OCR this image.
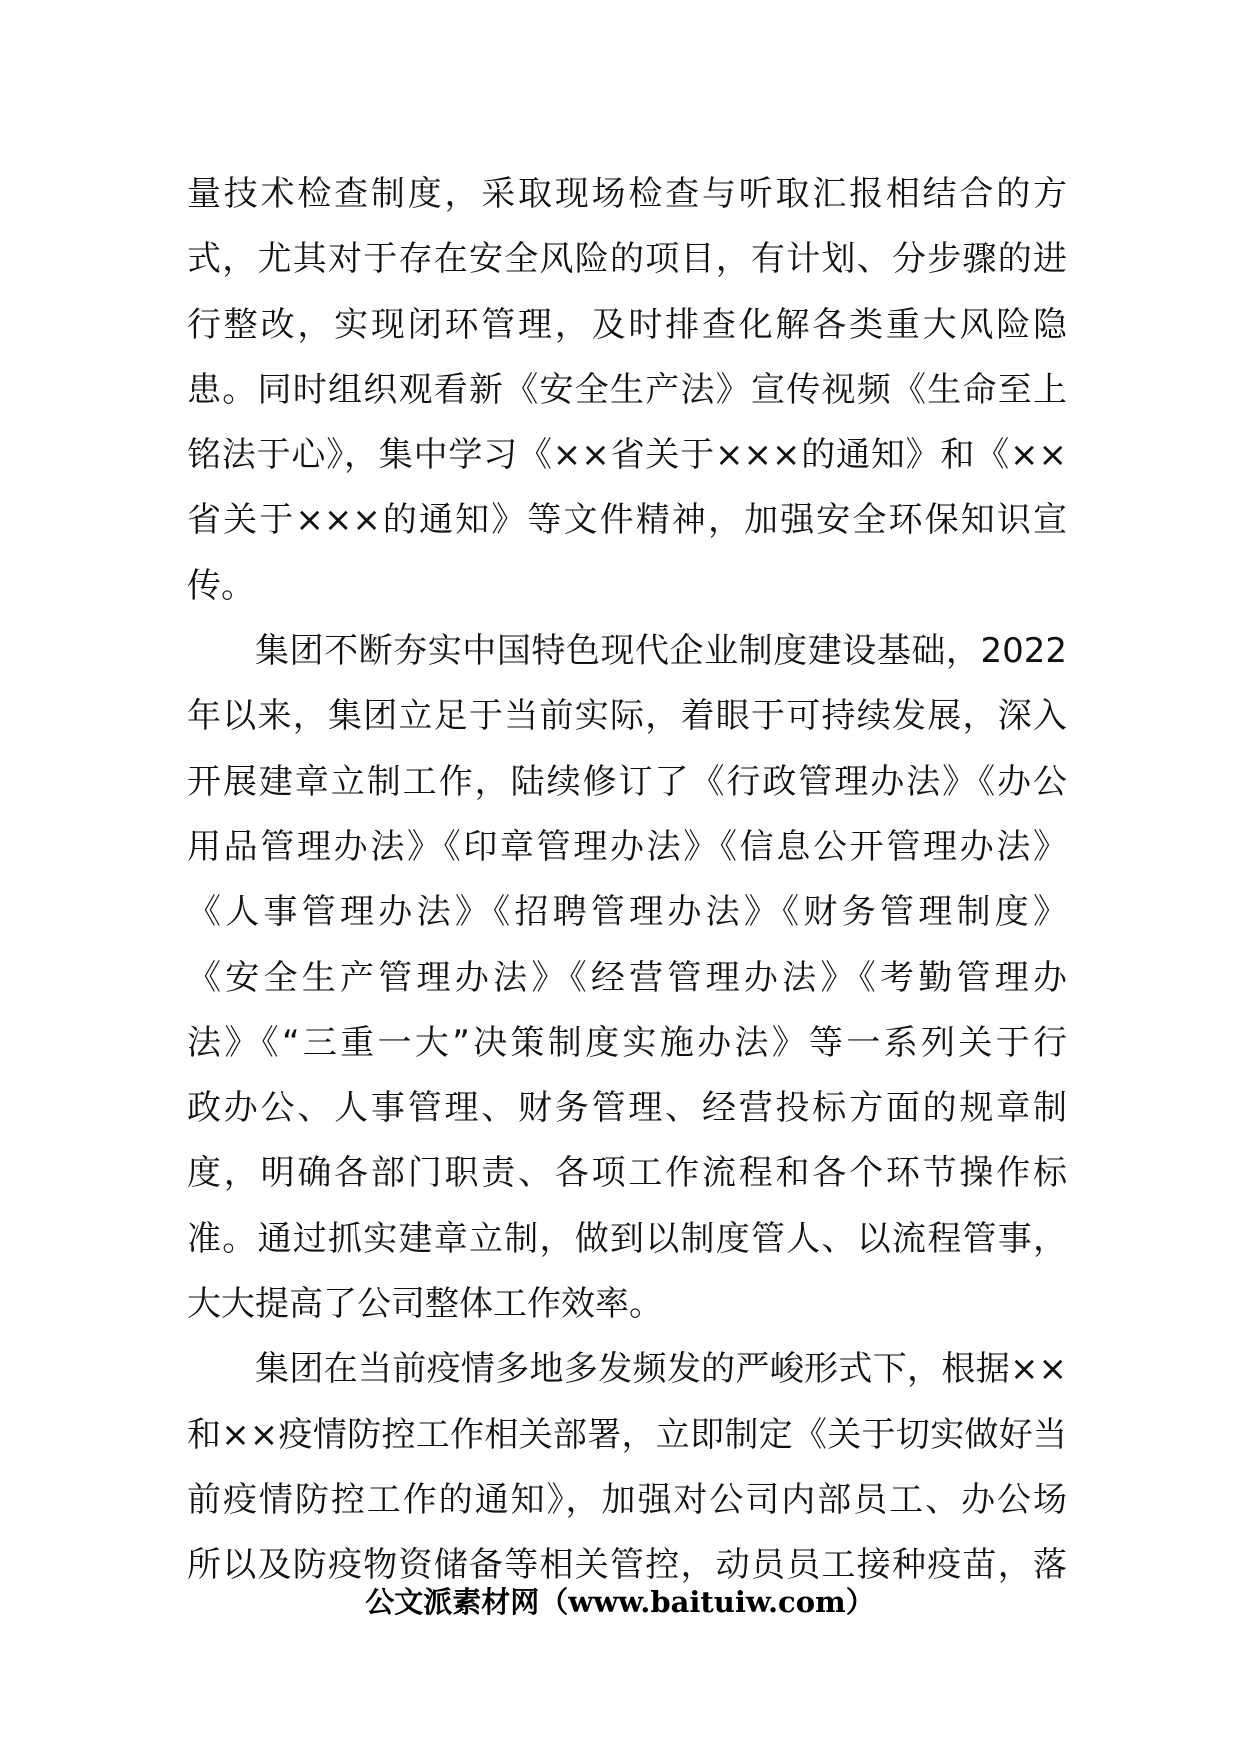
量技术检查制度，采取现场检查与听取汇报相结合的方
式，尤其对于存在安全风险的项目，有计划、分步骤的进
行整改，实现闭环管理，及时排查化解各类重大风险隐
患。同时组织观看新《安全生产法》宣传视频《生命至上
铭法于心》，集中学习《××省关于×××的通知》和《××
省关于×××的通知》等文件精神，加强安全环保知识宣
传。
集团不断夯实中国特色现代企业制度建设基础，2022
年以来，集团立足于当前实际，着眼于可持续发展，深入
开展建章立制工作，陆续修订了《行政管理办法》《办公
用品管理办法》《印章管理办法》《信息公开管理办法》
《人事管理办法》《招聘管理办法》《财务管理制度》
《安全生产管理办法》《经营管理办法》《考勤管理办
法》《“三重一大”决策制度实施办法》等一系列关于行
政办公、人事管理、财务管理、经营投标方面的规章制
度，明确各部门职责、各项工作流程和各个环节操作标
准。通过抓实建章立制，做到以制度管人、以流程管事，
大大提高了公司整体工作效率。
集团在当前疫情多地多发频发的严峻形式下，根据××
和××疫情防控工作相关部署，立即制定《关于切实做好当
前疫情防控工作的通知》，加强对公司内部员工、办公场
所以及防疫物资储备等相关管控，动员员工接种疫苗，落
公文派素材网（www.baituiw.com）
